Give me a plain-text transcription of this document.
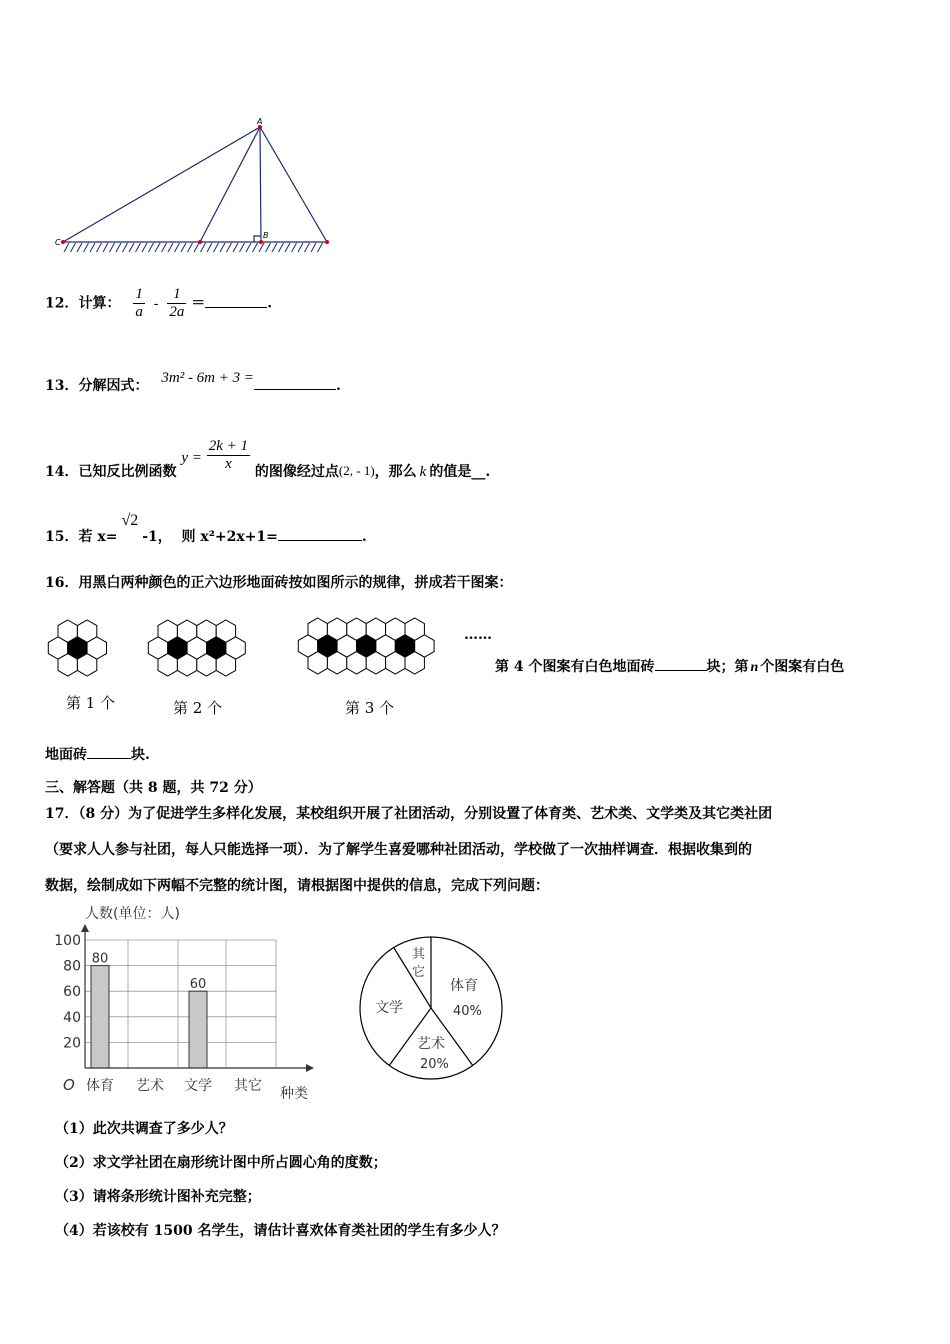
A
B
C
12．计算： $\frac{1}{a} - \frac{1}{2a}$ ＝	.
13．分解因式： 3m² - 6m + 3 =	.
14．已知反比例函数 $y = \frac{2k + 1}{x}$ 的图像经过点(2, - 1)，那么 k 的值是__.
15．若 x=√2-1， 则 x²+2x+1=	.
16．用黑白两种颜色的正六边形地面砖按如图所示的规律，拼成若干图案：
……
第 1 个	第 2 个	第 3 个
第 4 个图案有白色地面砖	块；第 n 个图案有白色
地面砖	块.
三、解答题（共 8 题，共 72 分）
17．（8 分）为了促进学生多样化发展，某校组织开展了社团活动，分别设置了体育类、艺术类、文学类及其它类社团
（要求人人参与社团，每人只能选择一项）．为了解学生喜爱哪种社团活动，学校做了一次抽样调查．根据收集到的
数据，绘制成如下两幅不完整的统计图，请根据图中提供的信息，完成下列问题：
人数(单位：人)
20
40
60
80
100
80
60
体育 艺术 文学 其它
O	种类
体育
40%
艺术
20%
文学
其
它
（1）此次共调查了多少人？
（2）求文学社团在扇形统计图中所占圆心角的度数；
（3）请将条形统计图补充完整；
（4）若该校有 1500 名学生，请估计喜欢体育类社团的学生有多少人？
